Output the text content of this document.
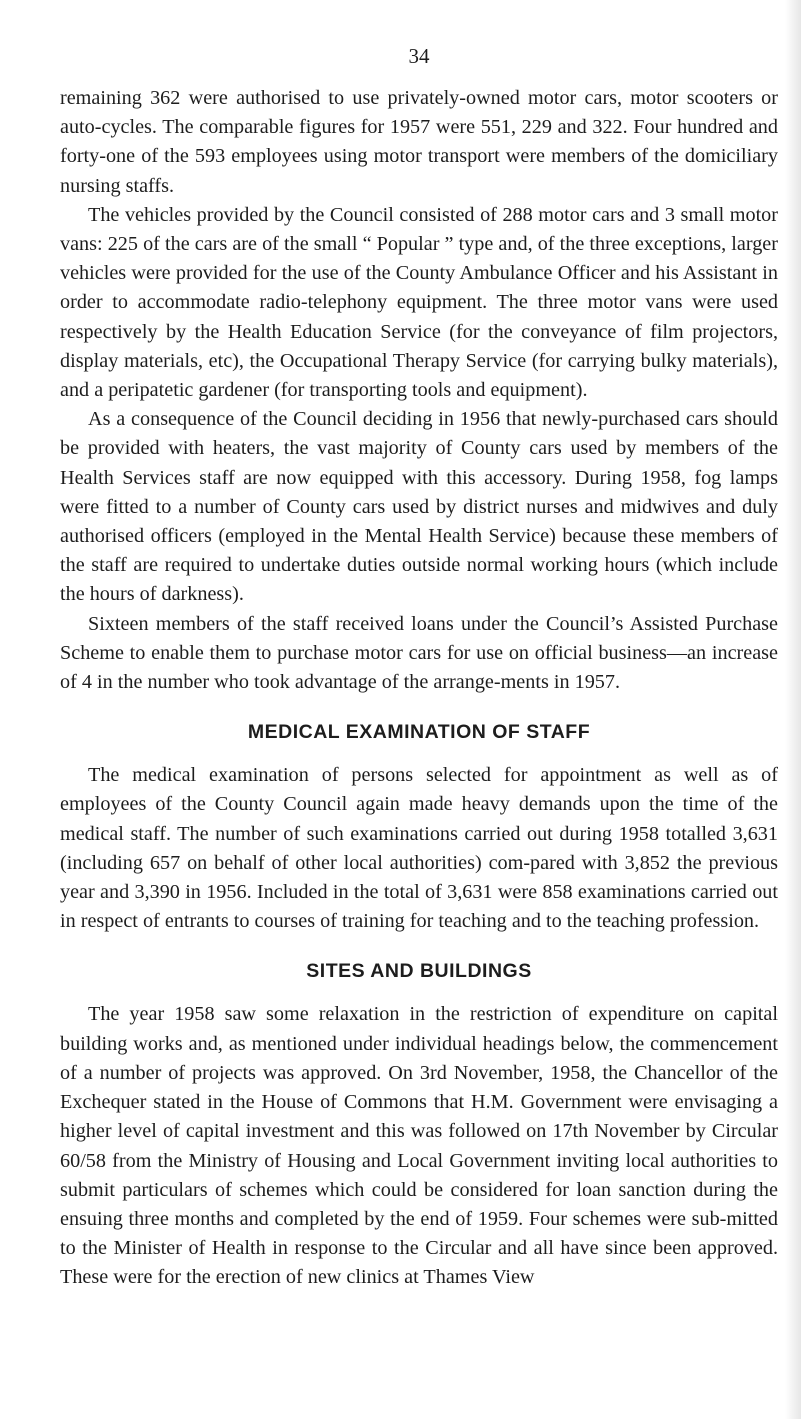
34

remaining 362 were authorised to use privately-owned motor cars, motor scooters or auto-cycles. The comparable figures for 1957 were 551, 229 and 322. Four hundred and forty-one of the 593 employees using motor transport were members of the domiciliary nursing staffs.

The vehicles provided by the Council consisted of 288 motor cars and 3 small motor vans: 225 of the cars are of the small “ Popular ” type and, of the three exceptions, larger vehicles were provided for the use of the County Ambulance Officer and his Assistant in order to accommodate radio-telephony equipment. The three motor vans were used respectively by the Health Education Service (for the conveyance of film projectors, display materials, etc), the Occupational Therapy Service (for carrying bulky materials), and a peripatetic gardener (for transporting tools and equipment).

As a consequence of the Council deciding in 1956 that newly-purchased cars should be provided with heaters, the vast majority of County cars used by members of the Health Services staff are now equipped with this accessory. During 1958, fog lamps were fitted to a number of County cars used by district nurses and midwives and duly authorised officers (employed in the Mental Health Service) because these members of the staff are required to undertake duties outside normal working hours (which include the hours of darkness).

Sixteen members of the staff received loans under the Council’s Assisted Purchase Scheme to enable them to purchase motor cars for use on official business—an increase of 4 in the number who took advantage of the arrange-ments in 1957.

MEDICAL EXAMINATION OF STAFF

The medical examination of persons selected for appointment as well as of employees of the County Council again made heavy demands upon the time of the medical staff. The number of such examinations carried out during 1958 totalled 3,631 (including 657 on behalf of other local authorities) com-pared with 3,852 the previous year and 3,390 in 1956. Included in the total of 3,631 were 858 examinations carried out in respect of entrants to courses of training for teaching and to the teaching profession.

SITES AND BUILDINGS

The year 1958 saw some relaxation in the restriction of expenditure on capital building works and, as mentioned under individual headings below, the commencement of a number of projects was approved. On 3rd November, 1958, the Chancellor of the Exchequer stated in the House of Commons that H.M. Government were envisaging a higher level of capital investment and this was followed on 17th November by Circular 60/58 from the Ministry of Housing and Local Government inviting local authorities to submit particulars of schemes which could be considered for loan sanction during the ensuing three months and completed by the end of 1959. Four schemes were sub-mitted to the Minister of Health in response to the Circular and all have since been approved. These were for the erection of new clinics at Thames View
